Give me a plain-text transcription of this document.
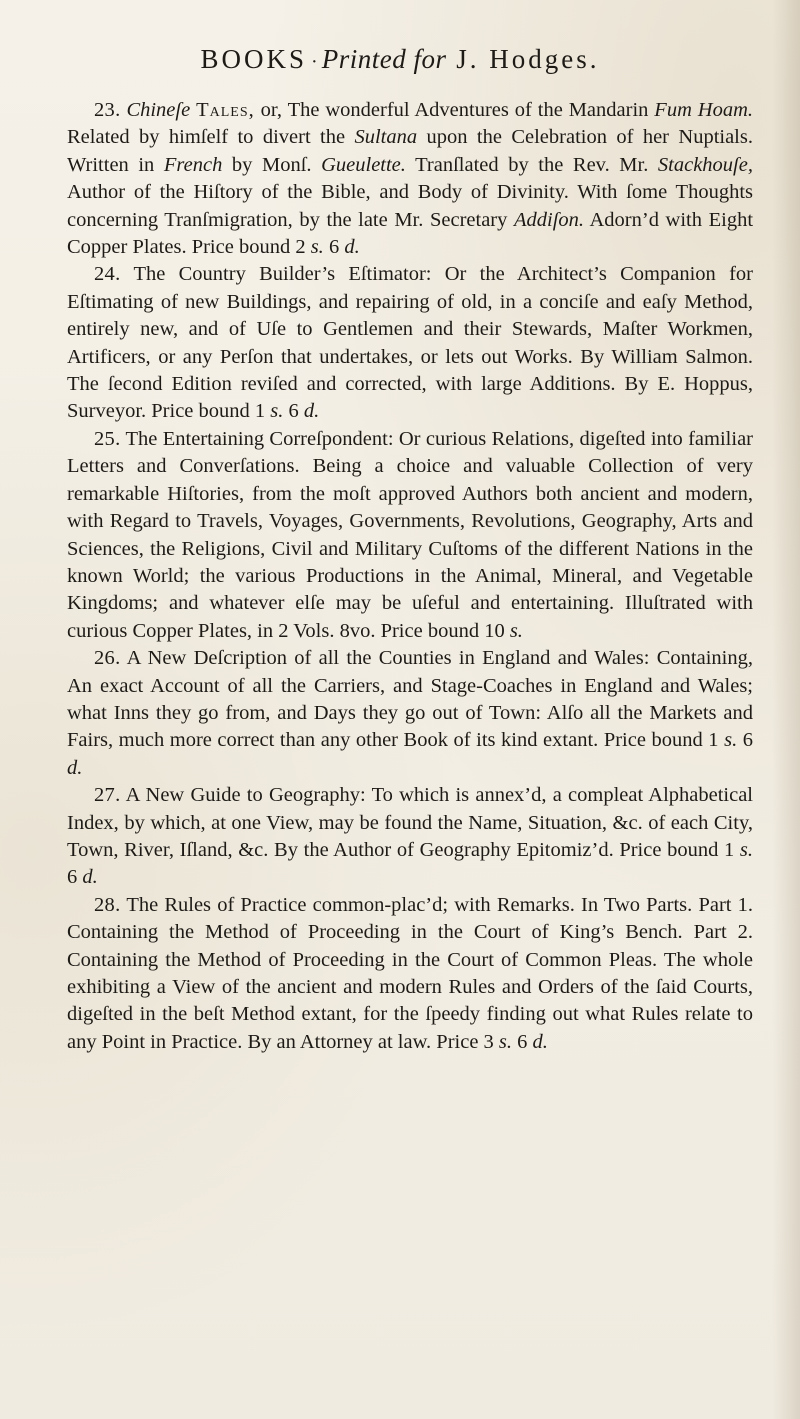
BOOKS · Printed for J. Hodges.

23. Chineſe Tales, or, The wonderful Adventures of the Mandarin Fum Hoam. Related by himſelf to divert the Sultana upon the Celebration of her Nuptials. Written in French by Monſ. Gueulette. Tranſlated by the Rev. Mr. Stackhouſe, Author of the Hiſtory of the Bible, and Body of Divinity. With ſome Thoughts concerning Tranſmigration, by the late Mr. Secretary Addiſon. Adorn’d with Eight Copper Plates. Price bound 2 s. 6 d.

24. The Country Builder’s Eſtimator: Or the Architect’s Companion for Eſtimating of new Buildings, and repairing of old, in a conciſe and eaſy Method, entirely new, and of Uſe to Gentlemen and their Stewards, Maſter Workmen, Artificers, or any Perſon that undertakes, or lets out Works. By William Salmon. The ſecond Edition reviſed and corrected, with large Additions. By E. Hoppus, Surveyor. Price bound 1 s. 6 d.

25. The Entertaining Correſpondent: Or curious Relations, digeſted into familiar Letters and Converſations. Being a choice and valuable Collection of very remarkable Hiſtories, from the moſt approved Authors both ancient and modern, with Regard to Travels, Voyages, Governments, Revolutions, Geography, Arts and Sciences, the Religions, Civil and Military Cuſtoms of the different Nations in the known World; the various Productions in the Animal, Mineral, and Vegetable Kingdoms; and whatever elſe may be uſeful and entertaining. Illuſtrated with curious Copper Plates, in 2 Vols. 8vo. Price bound 10 s.

26. A New Deſcription of all the Counties in England and Wales: Containing, An exact Account of all the Carriers, and Stage-Coaches in England and Wales; what Inns they go from, and Days they go out of Town: Alſo all the Markets and Fairs, much more correct than any other Book of its kind extant. Price bound 1 s. 6 d.

27. A New Guide to Geography: To which is annex’d, a compleat Alphabetical Index, by which, at one View, may be found the Name, Situation, &c. of each City, Town, River, Iſland, &c. By the Author of Geography Epitomiz’d. Price bound 1 s. 6 d.

28. The Rules of Practice common-plac’d; with Remarks. In Two Parts. Part 1. Containing the Method of Proceeding in the Court of King’s Bench. Part 2. Containing the Method of Proceeding in the Court of Common Pleas. The whole exhibiting a View of the ancient and modern Rules and Orders of the ſaid Courts, digeſted in the beſt Method extant, for the ſpeedy finding out what Rules relate to any Point in Practice. By an Attorney at law. Price 3 s. 6 d.
